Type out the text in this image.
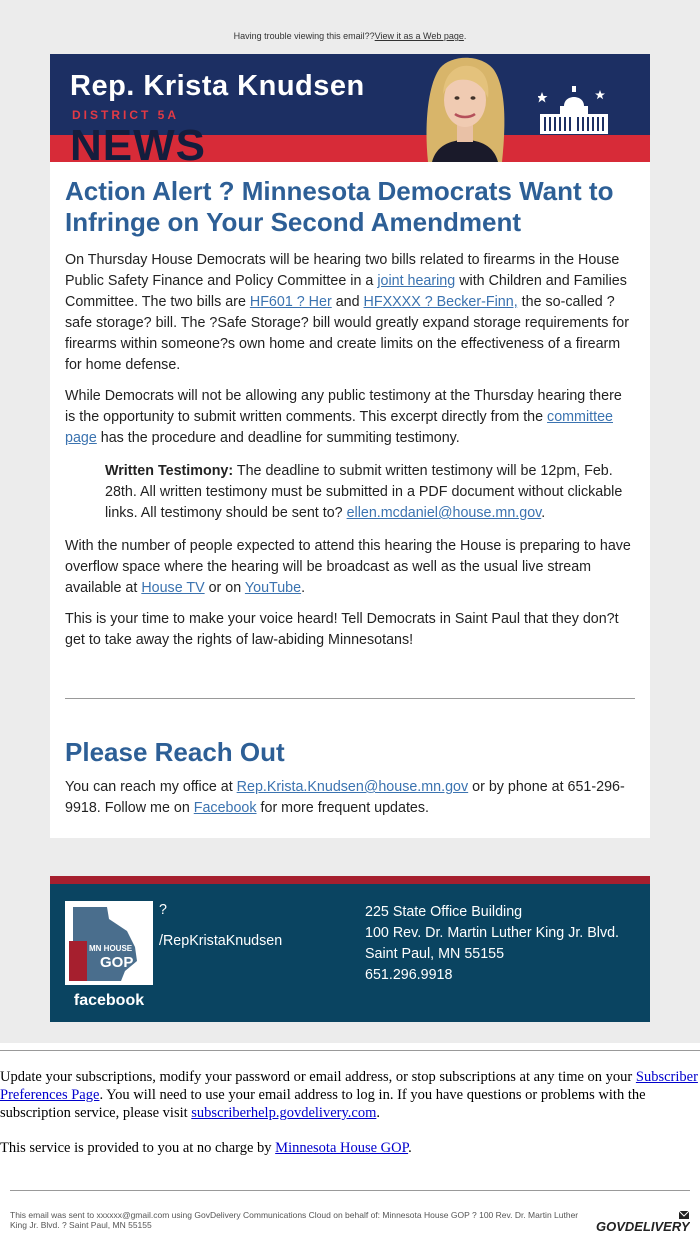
Having trouble viewing this email??View it as a Web page.
Rep. Krista Knudsen
DISTRICT 5A
NEWS
Action Alert ? Minnesota Democrats Want to Infringe on Your Second Amendment

On Thursday House Democrats will be hearing two bills related to firearms in the House Public Safety Finance and Policy Committee in a joint hearing with Children and Families Committee. The two bills are HF601 ? Her and HFXXXX ? Becker-Finn, the so-called ?safe storage? bill. The ?Safe Storage? bill would greatly expand storage requirements for firearms within someone?s own home and create limits on the effectiveness of a firearm for home defense.

While Democrats will not be allowing any public testimony at the Thursday hearing there is the opportunity to submit written comments. This excerpt directly from the committee page has the procedure and deadline for summiting testimony.

Written Testimony: The deadline to submit written testimony will be 12pm, Feb. 28th. All written testimony must be submitted in a PDF document without clickable links. All testimony should be sent to? ellen.mcdaniel@house.mn.gov.

With the number of people expected to attend this hearing the House is preparing to have overflow space where the hearing will be broadcast as well as the usual live stream available at House TV or on YouTube.

This is your time to make your voice heard! Tell Democrats in Saint Paul that they don?t get to take away the rights of law-abiding Minnesotans!

Please Reach Out

You can reach my office at Rep.Krista.Knudsen@house.mn.gov or by phone at 651-296-9918. Follow me on Facebook for more frequent updates.

MN HOUSE
GOP
facebook
?
/RepKristaKnudsen
225 State Office Building
100 Rev. Dr. Martin Luther King Jr. Blvd.
Saint Paul, MN 55155
651.296.9918

Update your subscriptions, modify your password or email address, or stop subscriptions at any time on your Subscriber Preferences Page. You will need to use your email address to log in. If you have questions or problems with the subscription service, please visit subscriberhelp.govdelivery.com.

This service is provided to you at no charge by Minnesota House GOP.

This email was sent to xxxxxx@gmail.com using GovDelivery Communications Cloud on behalf of: Minnesota House GOP ? 100 Rev. Dr. Martin Luther King Jr. Blvd. ? Saint Paul, MN 55155	GOVDELIVERY
